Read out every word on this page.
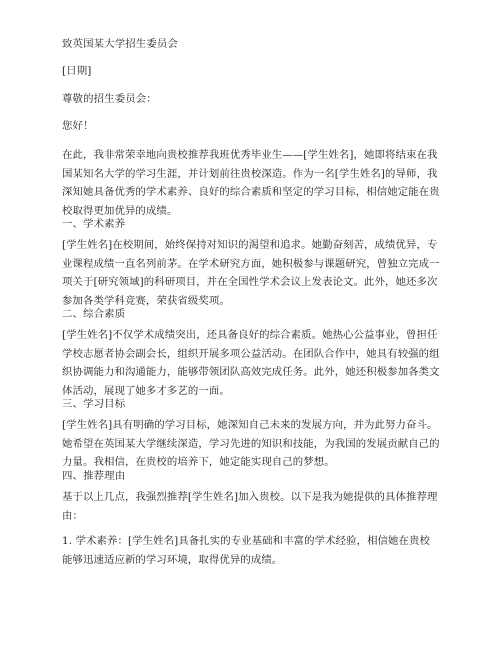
致英国某大学招生委员会
[日期]
尊敬的招生委员会：
您好！
在此，我非常荣幸地向贵校推荐我班优秀毕业生——[学生姓名]，她即将结束在我
国某知名大学的学习生涯，并计划前往贵校深造。作为一名[学生姓名]的导师，我
深知她具备优秀的学术素养、良好的综合素质和坚定的学习目标，相信她定能在贵
校取得更加优异的成绩。
一、学术素养
[学生姓名]在校期间，始终保持对知识的渴望和追求。她勤奋刻苦，成绩优异，专
业课程成绩一直名列前茅。在学术研究方面，她积极参与课题研究，曾独立完成一
项关于[研究领域]的科研项目，并在全国性学术会议上发表论文。此外，她还多次
参加各类学科竞赛，荣获省级奖项。
二、综合素质
[学生姓名]不仅学术成绩突出，还具备良好的综合素质。她热心公益事业，曾担任
学校志愿者协会副会长，组织开展多项公益活动。在团队合作中，她具有较强的组
织协调能力和沟通能力，能够带领团队高效完成任务。此外，她还积极参加各类文
体活动，展现了她多才多艺的一面。
三、学习目标
[学生姓名]具有明确的学习目标，她深知自己未来的发展方向，并为此努力奋斗。
她希望在英国某大学继续深造，学习先进的知识和技能，为我国的发展贡献自己的
力量。我相信，在贵校的培养下，她定能实现自己的梦想。
四、推荐理由
基于以上几点，我强烈推荐[学生姓名]加入贵校。以下是我为她提供的具体推荐理
由：
1. 学术素养：[学生姓名]具备扎实的专业基础和丰富的学术经验，相信她在贵校
能够迅速适应新的学习环境，取得优异的成绩。
